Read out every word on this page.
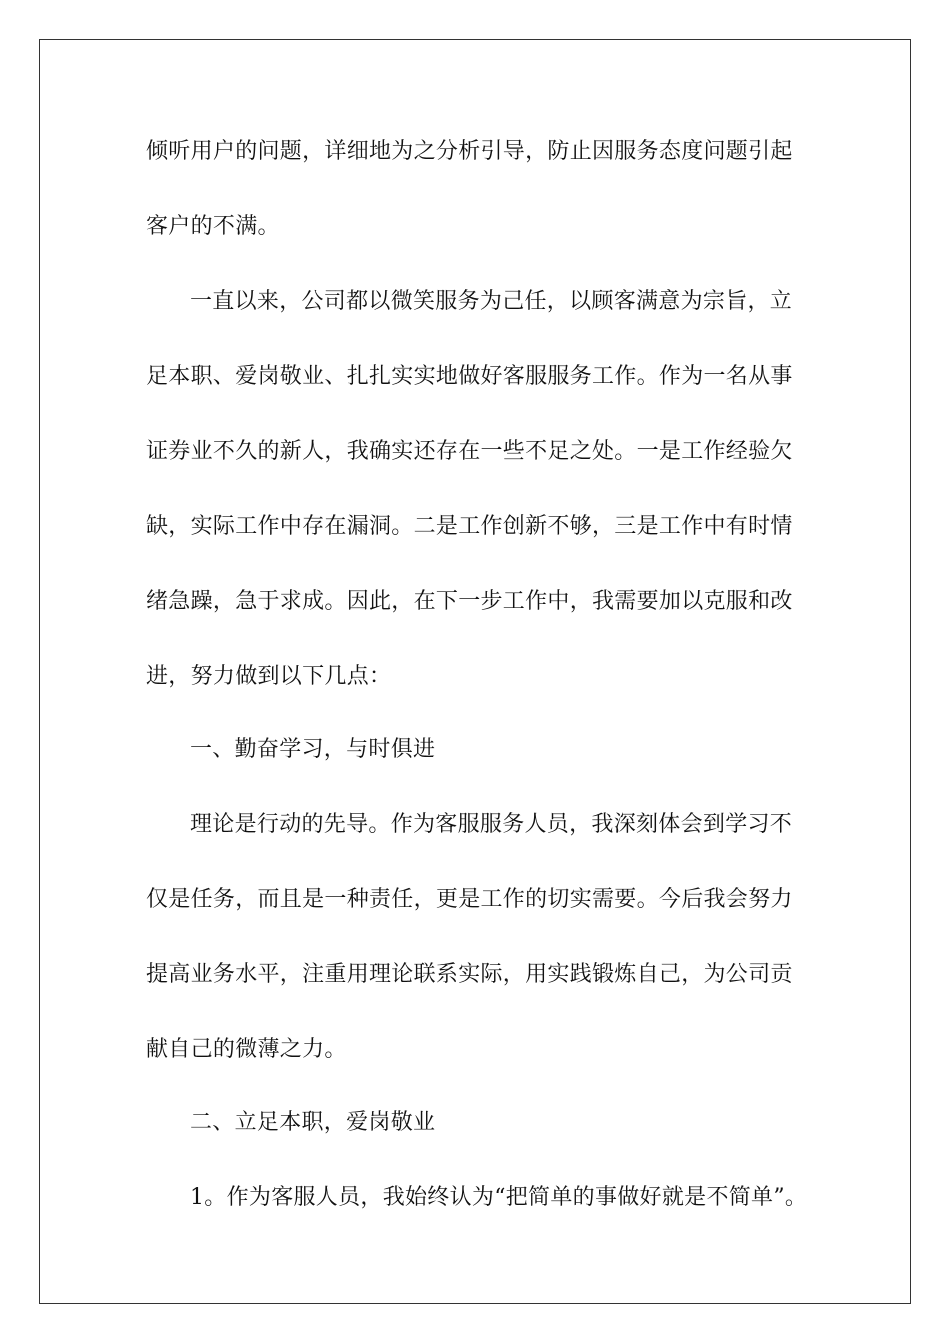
倾听用户的问题，详细地为之分析引导，防止因服务态度问题引起
客户的不满。
一直以来，公司都以微笑服务为己任，以顾客满意为宗旨，立
足本职、爱岗敬业、扎扎实实地做好客服服务工作。作为一名从事
证券业不久的新人，我确实还存在一些不足之处。一是工作经验欠
缺，实际工作中存在漏洞。二是工作创新不够，三是工作中有时情
绪急躁，急于求成。因此，在下一步工作中，我需要加以克服和改
进，努力做到以下几点：
一、勤奋学习，与时俱进
理论是行动的先导。作为客服服务人员，我深刻体会到学习不
仅是任务，而且是一种责任，更是工作的切实需要。今后我会努力
提高业务水平，注重用理论联系实际，用实践锻炼自己，为公司贡
献自己的微薄之力。
二、立足本职，爱岗敬业
1。作为客服人员，我始终认为“把简单的事做好就是不简单”。
